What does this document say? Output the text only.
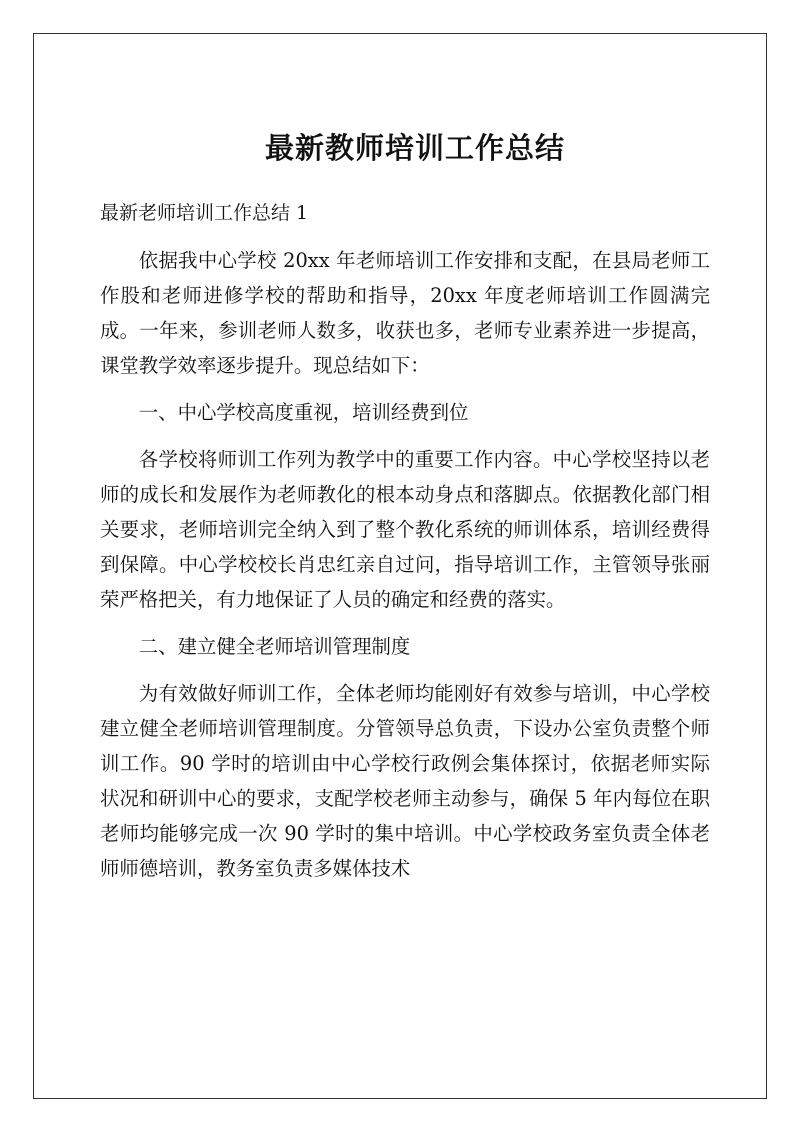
最新教师培训工作总结

最新老师培训工作总结 1

依据我中心学校 20xx 年老师培训工作安排和支配，在县局老师工作股和老师进修学校的帮助和指导，20xx 年度老师培训工作圆满完成。一年来，参训老师人数多，收获也多，老师专业素养进一步提高，课堂教学效率逐步提升。现总结如下：

一、中心学校高度重视，培训经费到位

各学校将师训工作列为教学中的重要工作内容。中心学校坚持以老师的成长和发展作为老师教化的根本动身点和落脚点。依据教化部门相关要求，老师培训完全纳入到了整个教化系统的师训体系，培训经费得到保障。中心学校校长肖忠红亲自过问，指导培训工作，主管领导张丽荣严格把关，有力地保证了人员的确定和经费的落实。

二、建立健全老师培训管理制度

为有效做好师训工作，全体老师均能刚好有效参与培训，中心学校建立健全老师培训管理制度。分管领导总负责，下设办公室负责整个师训工作。90 学时的培训由中心学校行政例会集体探讨，依据老师实际状况和研训中心的要求，支配学校老师主动参与，确保 5 年内每位在职老师均能够完成一次 90 学时的集中培训。中心学校政务室负责全体老师师德培训，教务室负责多媒体技术
